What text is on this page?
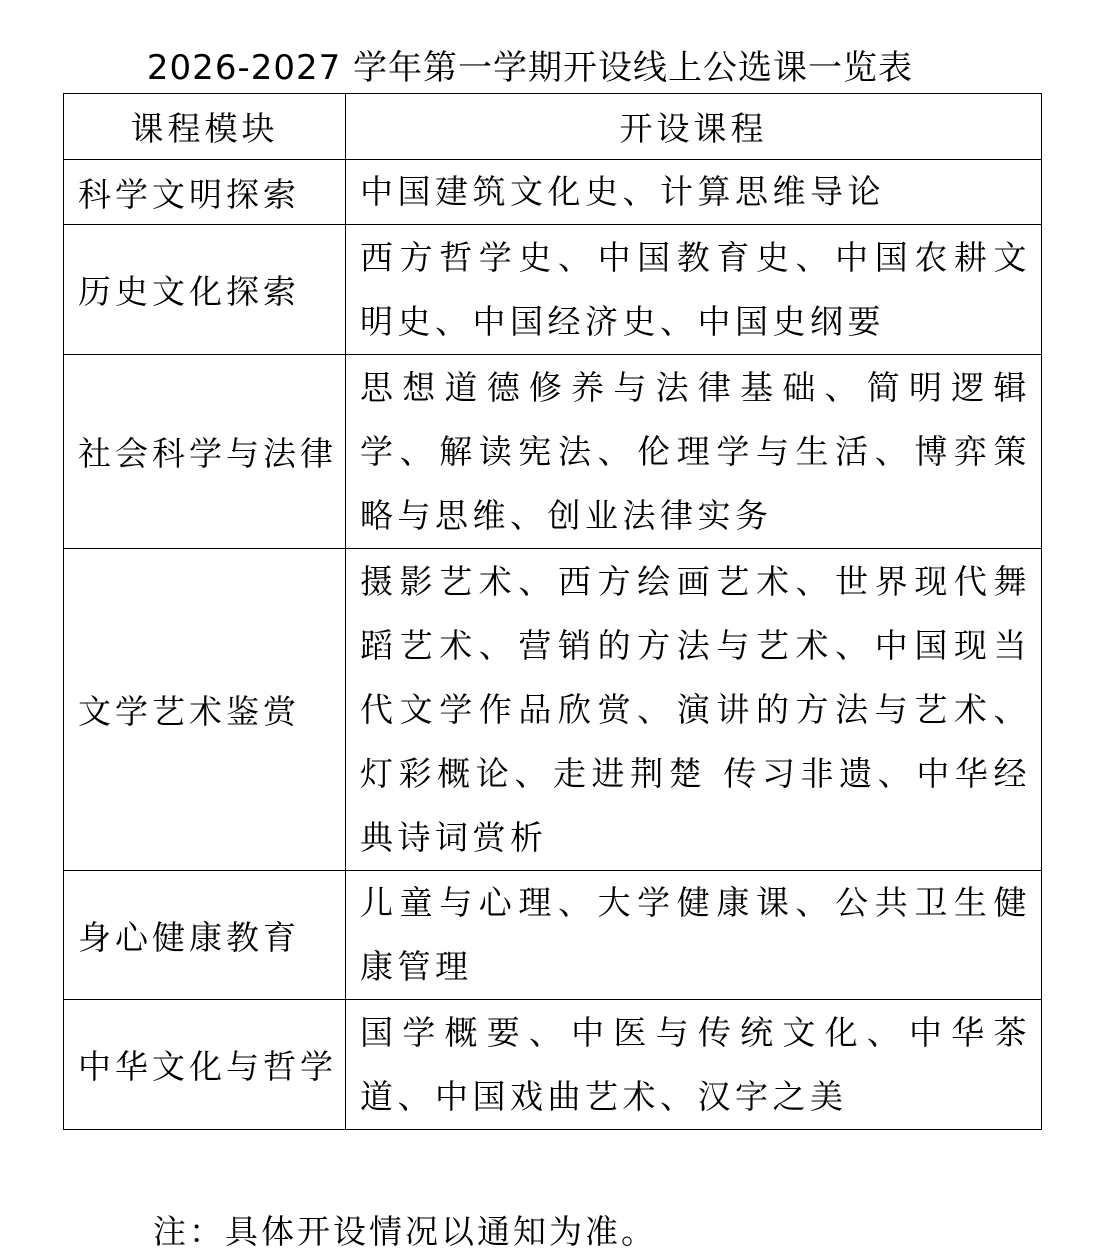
2026-2027 学年第一学期开设线上公选课一览表
课程模块	开设课程
科学文明探索	中国建筑文化史、计算思维导论
历史文化探索	西方哲学史、中国教育史、中国农耕文明史、中国经济史、中国史纲要
社会科学与法律	思想道德修养与法律基础、简明逻辑学、解读宪法、伦理学与生活、博弈策略与思维、创业法律实务
文学艺术鉴赏	摄影艺术、西方绘画艺术、世界现代舞蹈艺术、营销的方法与艺术、中国现当代文学作品欣赏、演讲的方法与艺术、灯彩概论、走进荆楚 传习非遗、中华经典诗词赏析
身心健康教育	儿童与心理、大学健康课、公共卫生健康管理
中华文化与哲学	国学概要、中医与传统文化、中华茶道、中国戏曲艺术、汉字之美
注：具体开设情况以通知为准。
